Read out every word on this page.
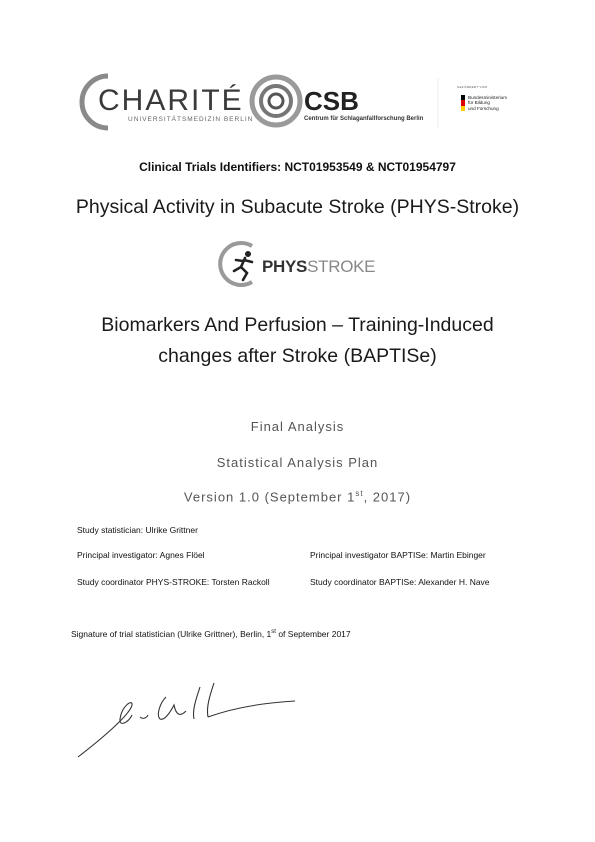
CHARITÉ
UNIVERSITÄTSMEDIZIN BERLIN
CSB
Centrum für Schlaganfallforschung Berlin
GEFÖRDERT VOM
Bundesministerium
für Bildung
und Forschung
Clinical Trials Identifiers: NCT01953549 & NCT01954797
Physical Activity in Subacute Stroke (PHYS-Stroke)
PHYSSTROKE
Biomarkers And Perfusion – Training-Induced
changes after Stroke (BAPTISe)
Final Analysis
Statistical Analysis Plan
Version 1.0 (September 1st, 2017)
Study statistician: Ulrike Grittner
Principal investigator: Agnes Flöel	Principal investigator BAPTISe: Martin Ebinger
Study coordinator PHYS-STROKE: Torsten Rackoll	Study coordinator BAPTISe: Alexander H. Nave
Signature of trial statistician (Ulrike Grittner), Berlin, 1st of September 2017
